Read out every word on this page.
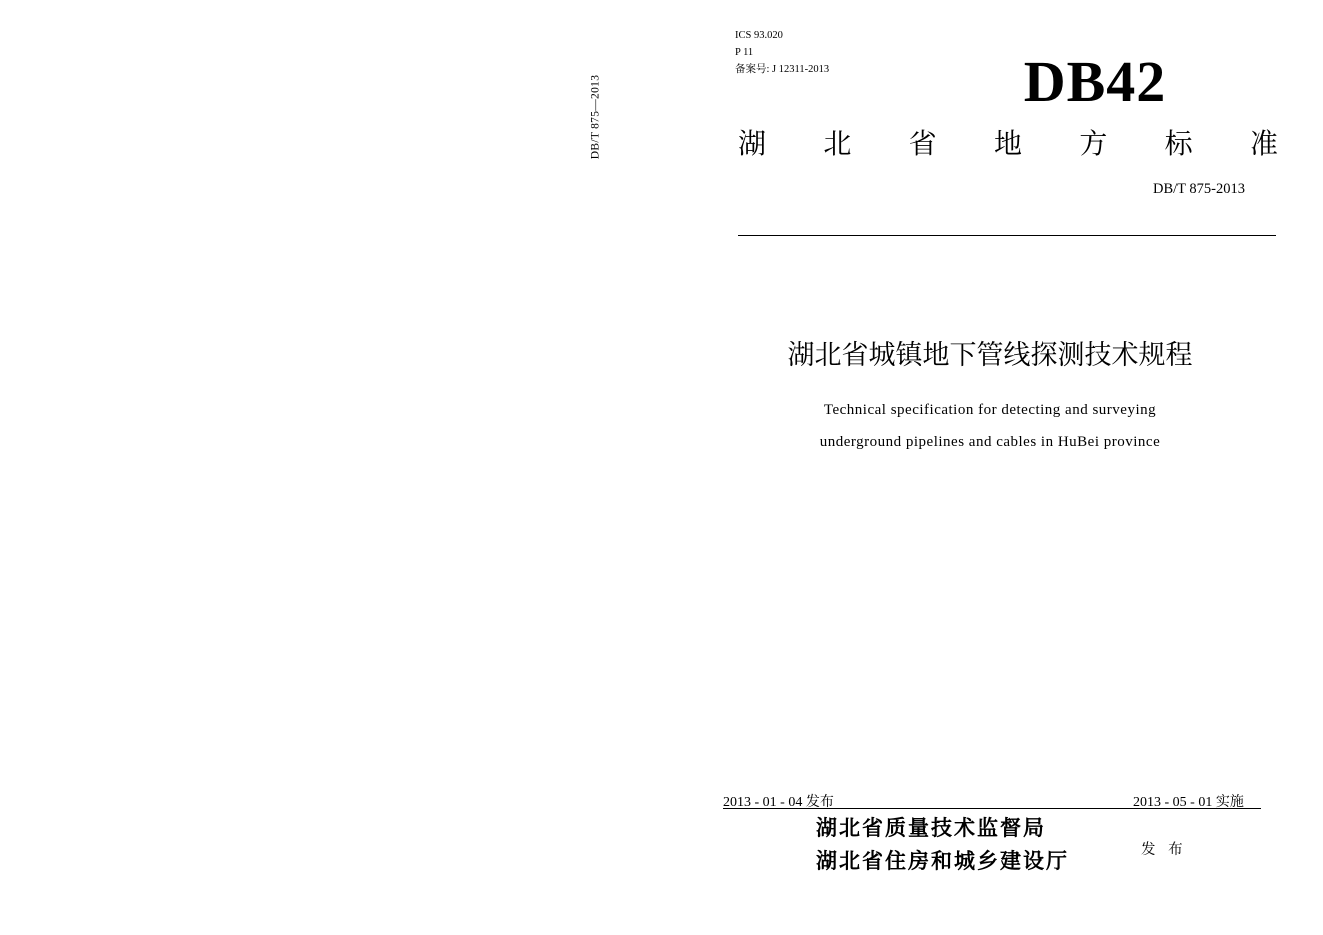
DB/T 875—2013
ICS 93.020
P 11
备案号: J 12311-2013	DB42
湖 北 省 地 方 标 准
DB/T 875-2013
湖北省城镇地下管线探测技术规程
Technical specification for detecting and surveying
underground pipelines and cables in HuBei province
2013 - 01 - 04 发布	2013 - 05 - 01 实施
湖北省质量技术监督局
湖北省住房和城乡建设厅	发 布
